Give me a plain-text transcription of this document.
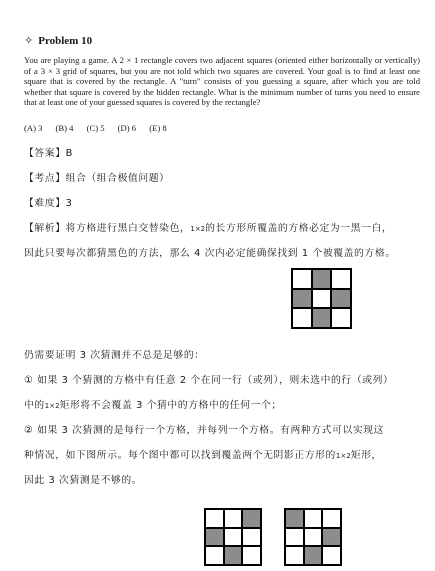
✧ Problem 10

You are playing a game. A 2 × 1 rectangle covers two adjacent squares (oriented either horizontally or vertically) of a 3 × 3 grid of squares, but you are not told which two squares are covered. Your goal is to find at least one square that is covered by the rectangle. A "turn" consists of you guessing a square, after which you are told whether that square is covered by the hidden rectangle. What is the minimum number of turns you need to ensure that at least one of your guessed squares is covered by the rectangle?

(A) 3 (B) 4 (C) 5 (D) 6 (E) 8
【答案】B
【考点】组合（组合极值问题）
【难度】3
【解析】将方格进行黑白交替染色，1×2的长方形所覆盖的方格必定为一黑一白，
因此只要每次都猜黑色的方法，那么 4 次内必定能确保找到 1 个被覆盖的方格。
仍需要证明 3 次猜测并不总是足够的：
① 如果 3 个猜测的方格中有任意 2 个在同一行（或列），则未选中的行（或列）
中的1×2矩形将不会覆盖 3 个猜中的方格中的任何一个；
② 如果 3 次猜测的是每行一个方格，并每列一个方格。有两种方式可以实现这
种情况，如下图所示。每个图中都可以找到覆盖两个无阴影正方形的1×2矩形，
因此 3 次猜测是不够的。
